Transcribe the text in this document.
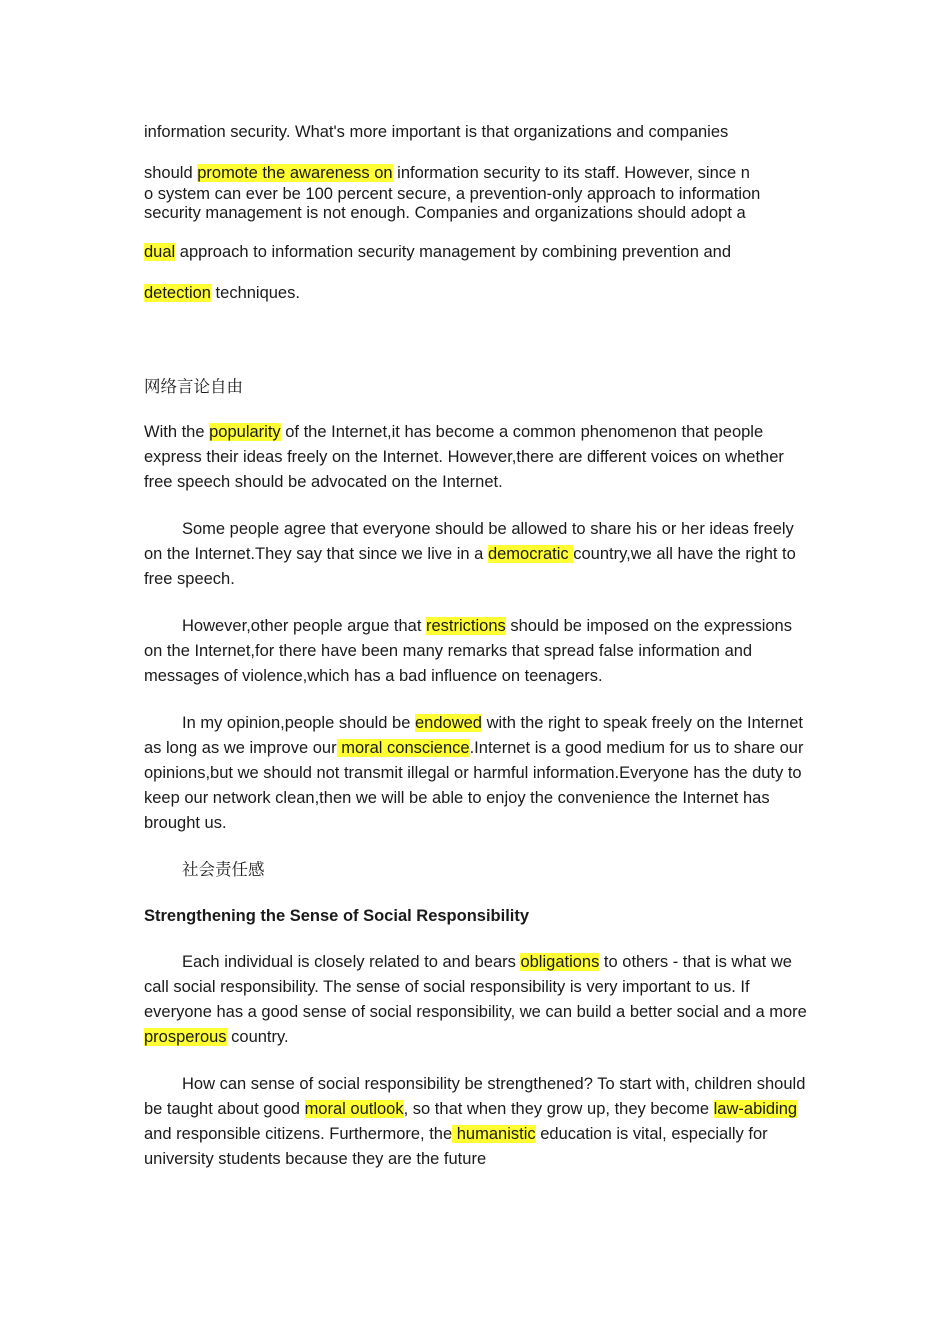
information security. What's more important is that organizations and companies
should promote the awareness on information security to its staff. However, since n
o system can ever be 100 percent secure, a prevention-only approach to information
security management is not enough. Companies and organizations should adopt a
dual approach to information security management by combining prevention and
detection techniques.
网络言论自由

With the popularity of the Internet,it has become a common phenomenon that people express their ideas freely on the Internet. However,there are different voices on whether free speech should be advocated on the Internet.

Some people agree that everyone should be allowed to share his or her ideas freely on the Internet.They say that since we live in a democratic country,we all have the right to free speech.

However,other people argue that restrictions should be imposed on the expressions on the Internet,for there have been many remarks that spread false information and messages of violence,which has a bad influence on teenagers.

In my opinion,people should be endowed with the right to speak freely on the Internet as long as we improve our moral conscience.Internet is a good medium for us to share our opinions,but we should not transmit illegal or harmful information.Everyone has the duty to keep our network clean,then we will be able to enjoy the convenience the Internet has brought us.

社会责任感
Strengthening the Sense of Social Responsibility

Each individual is closely related to and bears obligations to others - that is what we call social responsibility. The sense of social responsibility is very important to us. If everyone has a good sense of social responsibility, we can build a better social and a more prosperous country.

How can sense of social responsibility be strengthened? To start with, children should be taught about good moral outlook, so that when they grow up, they become law-abiding and responsible citizens. Furthermore, the humanistic education is vital, especially for university students because they are the future
